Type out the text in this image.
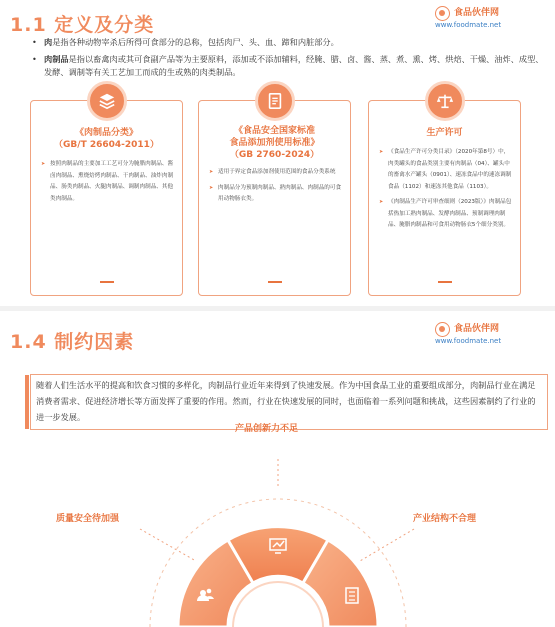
1.1 定义及分类
食品伙伴网
www.foodmate.net
• 肉是指各种动物宰杀后所得可食部分的总称，包括肉尸、头、血、蹄和内脏部分。
• 肉制品是指以畜禽肉或其可食副产品等为主要原料，添加或不添加辅料，经腌、腊、卤、酱、蒸、煮、熏、烤、烘焙、干燥、油炸、成型、发酵、调制等有关工艺加工而成的生或熟的肉类制品。
《肉制品分类》
（GB/T 26604-2011）

➤ 按照肉制品的主要加工工艺可分为腌腊肉制品、酱卤肉制品、熏烧焙烤肉制品、干肉制品、油炸肉制品、肠类肉制品、火腿肉制品、调制肉制品、其他类肉制品。

《食品安全国家标准
食品添加剂使用标准》
（GB 2760-2024）

➤ 适用于界定食品添加剂使用范围的食品分类系统

➤ 肉制品分为预制肉制品、熟肉制品、肉制品的可食用动物肠衣类。

生产许可

➤ 《食品生产许可分类目录》（2020年第8号）中，肉类罐头的食品类别主要有肉制品（04）、罐头中的畜禽水产罐头（0901）、速冻食品中的速冻调制食品（1102）和速冻其他食品（1103）。

➤ 《肉制品生产许可审查细则（2023版）》肉制品包括热加工熟肉制品、发酵肉制品、预制调理肉制品、腌腊肉制品和可食用动物肠衣5个细分类别。

1.4 制约因素
食品伙伴网
www.foodmate.net
随着人们生活水平的提高和饮食习惯的多样化，肉制品行业近年来得到了快速发展。作为中国食品工业的重要组成部分，肉制品行业在满足消费者需求、促进经济增长等方面发挥了重要的作用。然而，行业在快速发展的同时，也面临着一系列问题和挑战，这些因素制约了行业的进一步发展。
质量安全待加强
产品创新力不足
产业结构不合理
